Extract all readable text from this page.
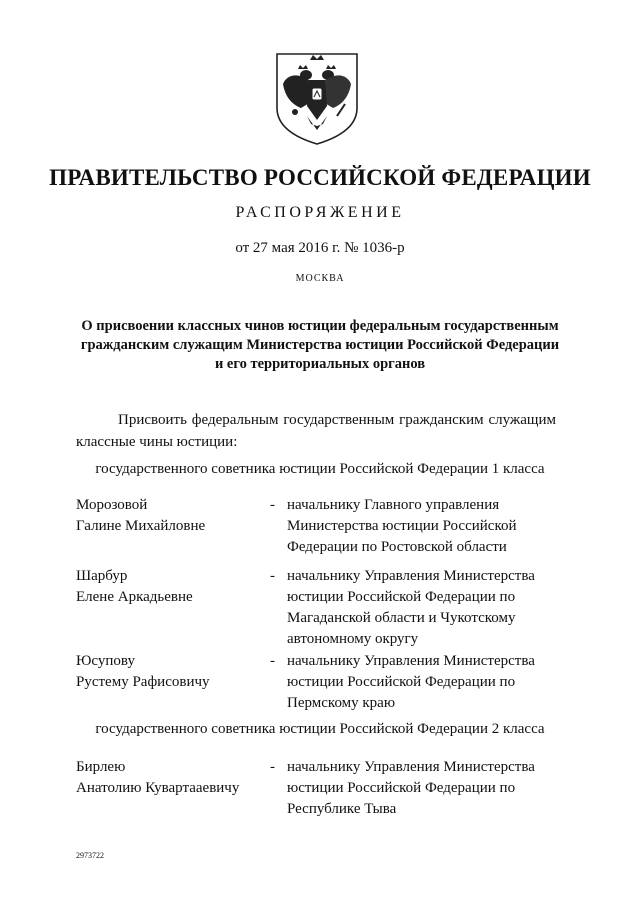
ПРАВИТЕЛЬСТВО РОССИЙСКОЙ ФЕДЕРАЦИИ
РАСПОРЯЖЕНИЕ
от 27 мая 2016 г. № 1036-р
МОСКВА
О присвоении классных чинов юстиции федеральным государственным гражданским служащим Министерства юстиции Российской Федерации и его территориальных органов
Присвоить федеральным государственным гражданским служащим классные чины юстиции:
государственного советника юстиции Российской Федерации 1 класса
Морозовой
Галине Михайловне
- начальнику Главного управления Министерства юстиции Российской Федерации по Ростовской области
Шарбур
Елене Аркадьевне
- начальнику Управления Министерства юстиции Российской Федерации по Магаданской области и Чукотскому автономному округу
Юсупову
Рустему Рафисовичу
- начальнику Управления Министерства юстиции Российской Федерации по Пермскому краю
государственного советника юстиции Российской Федерации 2 класса
Бирлею
Анатолию Кувартааевичу
- начальнику Управления Министерства юстиции Российской Федерации по Республике Тыва
2973722
